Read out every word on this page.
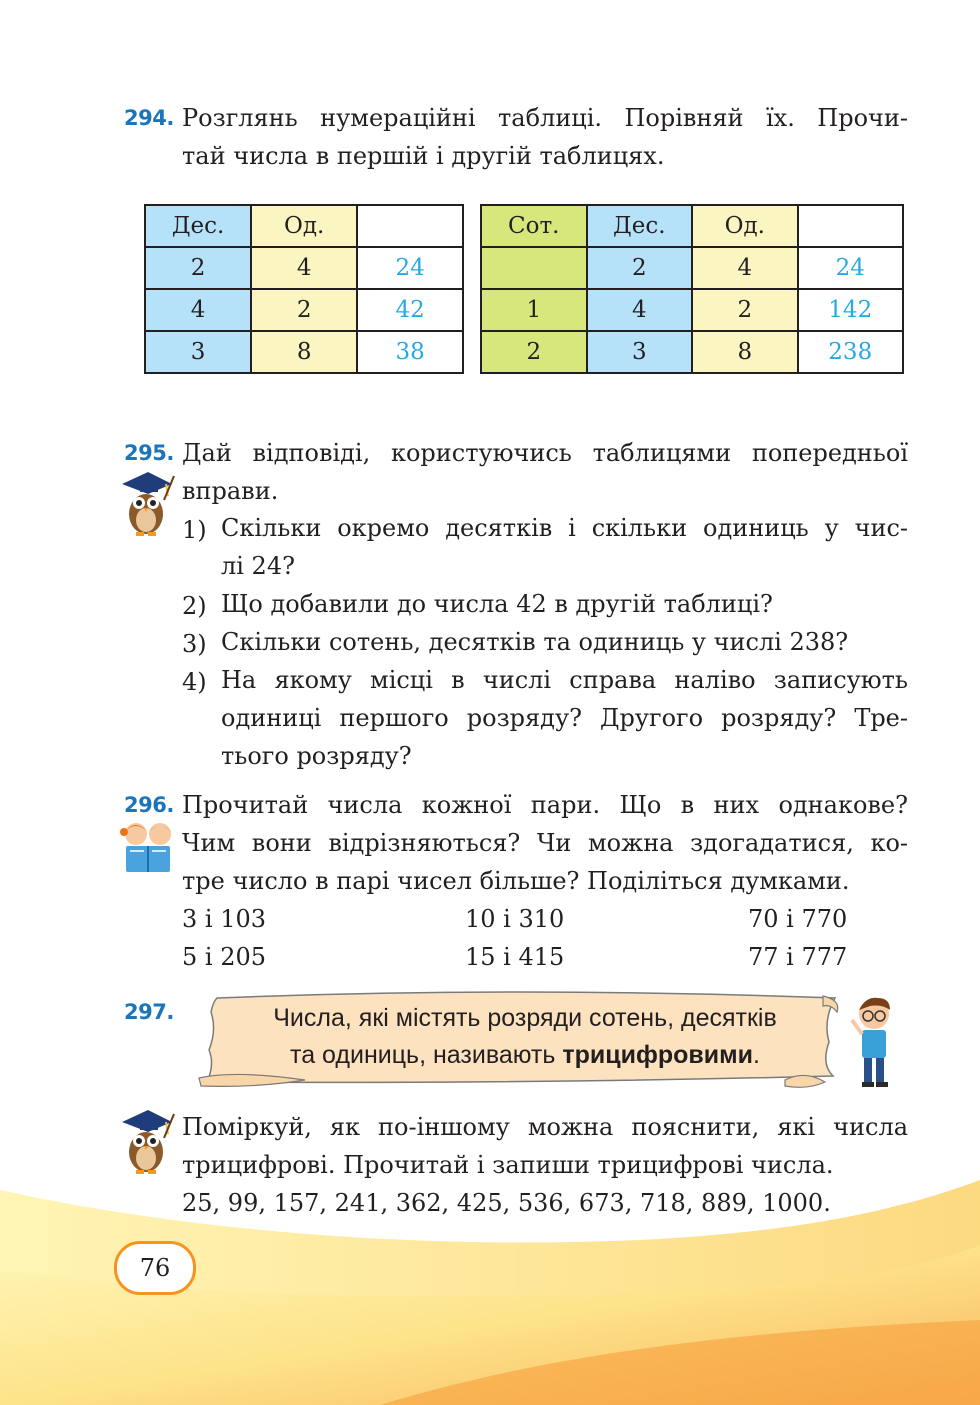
294. Розглянь нумераційні таблиці. Порівняй їх. Прочи-
тай числа в першій і другій таблицях.
Дес.	Од.	
2	4	24
4	2	42
3	8	38
Сот.	Дес.	Од.	
	2	4	24
1	4	2	142
2	3	8	238
295. Дай відповіді, користуючись таблицями попередньої
вправи.
1) Скільки окремо десятків і скільки одиниць у чис-
лі 24?
2) Що добавили до числа 42 в другій таблиці?
3) Скільки сотень, десятків та одиниць у числі 238?
4) На якому місці в числі справа наліво записують
одиниці першого розряду? Другого розряду? Тре-
тього розряду?
296. Прочитай числа кожної пари. Що в них однакове?
Чим вони відрізняються? Чи можна здогадатися, ко-
тре число в парі чисел більше? Поділіться думками.
3 і 103	10 і 310	70 і 770
5 і 205	15 і 415	77 і 777
297.	Числа, які містять розряди сотень, десятків
та одиниць, називають трицифровими.
Поміркуй, як по-іншому можна пояснити, які числа
трицифрові. Прочитай і запиши трицифрові числа.
25, 99, 157, 241, 362, 425, 536, 673, 718, 889, 1000.
76
